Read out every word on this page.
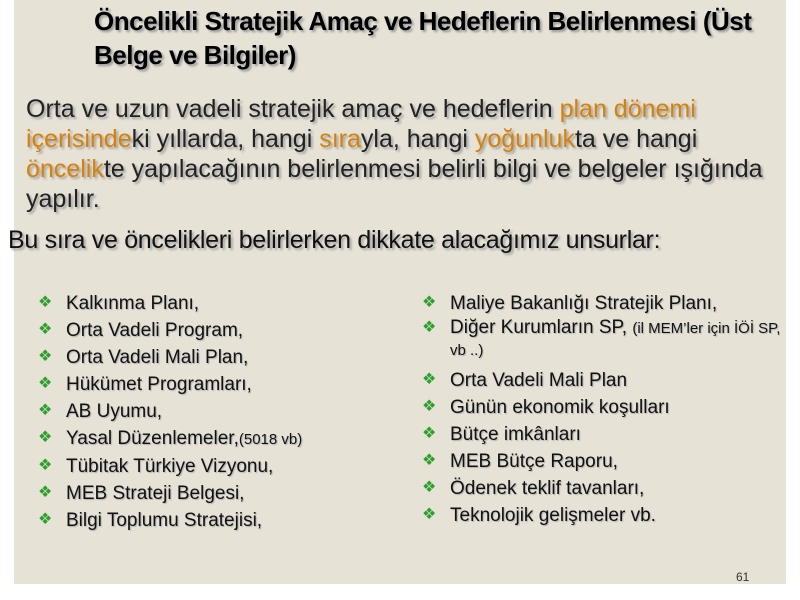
Öncelikli Stratejik Amaç ve Hedeflerin Belirlenmesi (Üst
Belge ve Bilgiler)
Orta ve uzun vadeli stratejik amaç ve hedeflerin plan dönemi içerisindeki yıllarda, hangi sırayla, hangi yoğunlukta ve hangi öncelikte yapılacağının belirlenmesi belirli bilgi ve belgeler ışığında yapılır.
Bu sıra ve öncelikleri belirlerken dikkate alacağımız unsurlar:
❖ Kalkınma Planı,
❖ Orta Vadeli Program,
❖ Orta Vadeli Mali Plan,
❖ Hükümet Programları,
❖ AB Uyumu,
❖ Yasal Düzenlemeler,(5018 vb)
❖ Tübitak Türkiye Vizyonu,
❖ MEB Strateji Belgesi,
❖ Bilgi Toplumu Stratejisi,
❖ Maliye Bakanlığı Stratejik Planı,
❖ Diğer Kurumların SP, (il MEM’ler için İÖİ SP, vb ..)
❖ Orta Vadeli Mali Plan
❖ Günün ekonomik koşulları
❖ Bütçe imkânları
❖ MEB Bütçe Raporu,
❖ Ödenek teklif tavanları,
❖ Teknolojik gelişmeler vb.
61
